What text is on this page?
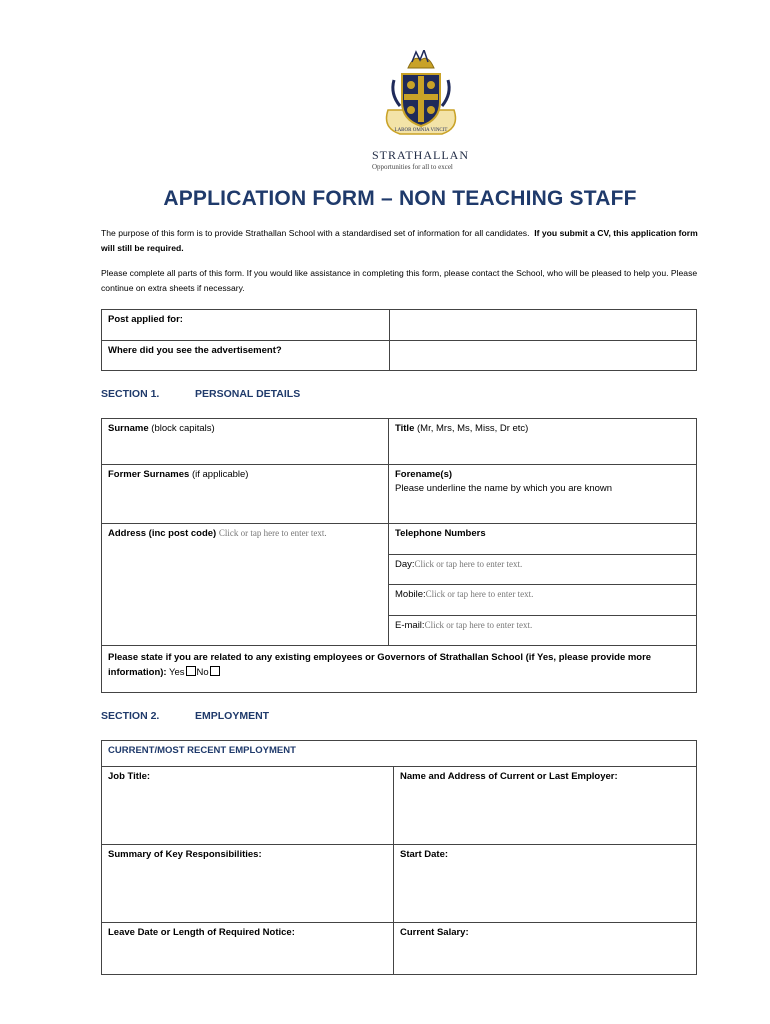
LABOR OMNIA VINCIT
STRATHALLAN
Opportunities for all to excel
APPLICATION FORM – NON TEACHING STAFF
The purpose of this form is to provide Strathallan School with a standardised set of information for all candidates. If you submit a CV, this application form will still be required.
Please complete all parts of this form. If you would like assistance in completing this form, please contact the School, who will be pleased to help you. Please continue on extra sheets if necessary.
Post applied for:	
Where did you see the advertisement?	
SECTION 1.	PERSONAL DETAILS
Surname (block capitals)	Title (Mr, Mrs, Ms, Miss, Dr etc)
Former Surnames (if applicable)	Forename(s)
Please underline the name by which you are known

Address (inc post code) Click or tap here to enter text.	Telephone Numbers
	Day:Click or tap here to enter text.
	Mobile:Click or tap here to enter text.
	E-mail:Click or tap here to enter text.
Please state if you are related to any existing employees or Governors of Strathallan School (if Yes, please provide more information): Yes No	
SECTION 2.	EMPLOYMENT
CURRENT/MOST RECENT EMPLOYMENT	
Job Title:	Name and Address of Current or Last Employer:
Summary of Key Responsibilities:	Start Date:
Leave Date or Length of Required Notice:	Current Salary:
